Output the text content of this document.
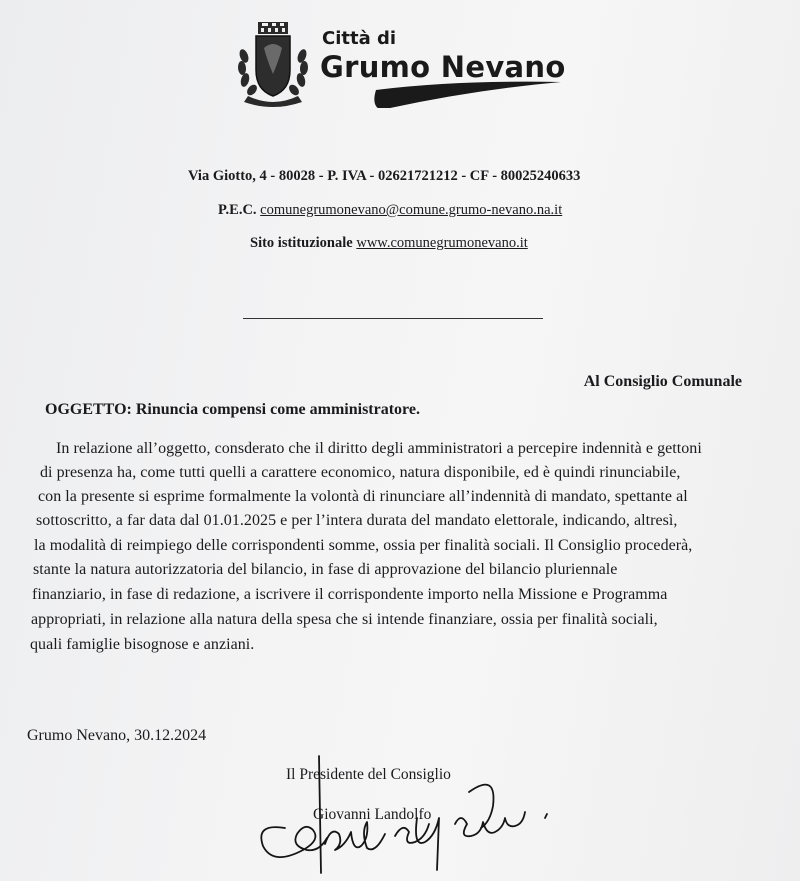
Città di
Grumo Nevano
Via Giotto, 4 - 80028 - P. IVA - 02621721212 - CF - 80025240633
P.E.C. comunegrumonevano@comune.grumo-nevano.na.it
Sito istituzionale www.comunegrumonevano.it
Al Consiglio Comunale
OGGETTO: Rinuncia compensi come amministratore.
In relazione all’oggetto, consderato che il diritto degli amministratori a percepire indennità e gettoni
di presenza ha, come tutti quelli a carattere economico, natura disponibile, ed è quindi rinunciabile,
con la presente si esprime formalmente la volontà di rinunciare all’indennità di mandato, spettante al
sottoscritto, a far data dal 01.01.2025 e per l’intera durata del mandato elettorale, indicando, altresì,
la modalità di reimpiego delle corrispondenti somme, ossia per finalità sociali. Il Consiglio procederà,
stante la natura autorizzatoria del bilancio, in fase di approvazione del bilancio pluriennale
finanziario, in fase di redazione, a iscrivere il corrispondente importo nella Missione e Programma
appropriati, in relazione alla natura della spesa che si intende finanziare, ossia per finalità sociali,
quali famiglie bisognose e anziani.
Grumo Nevano, 30.12.2024
Il Presidente del Consiglio
Giovanni Landolfo
